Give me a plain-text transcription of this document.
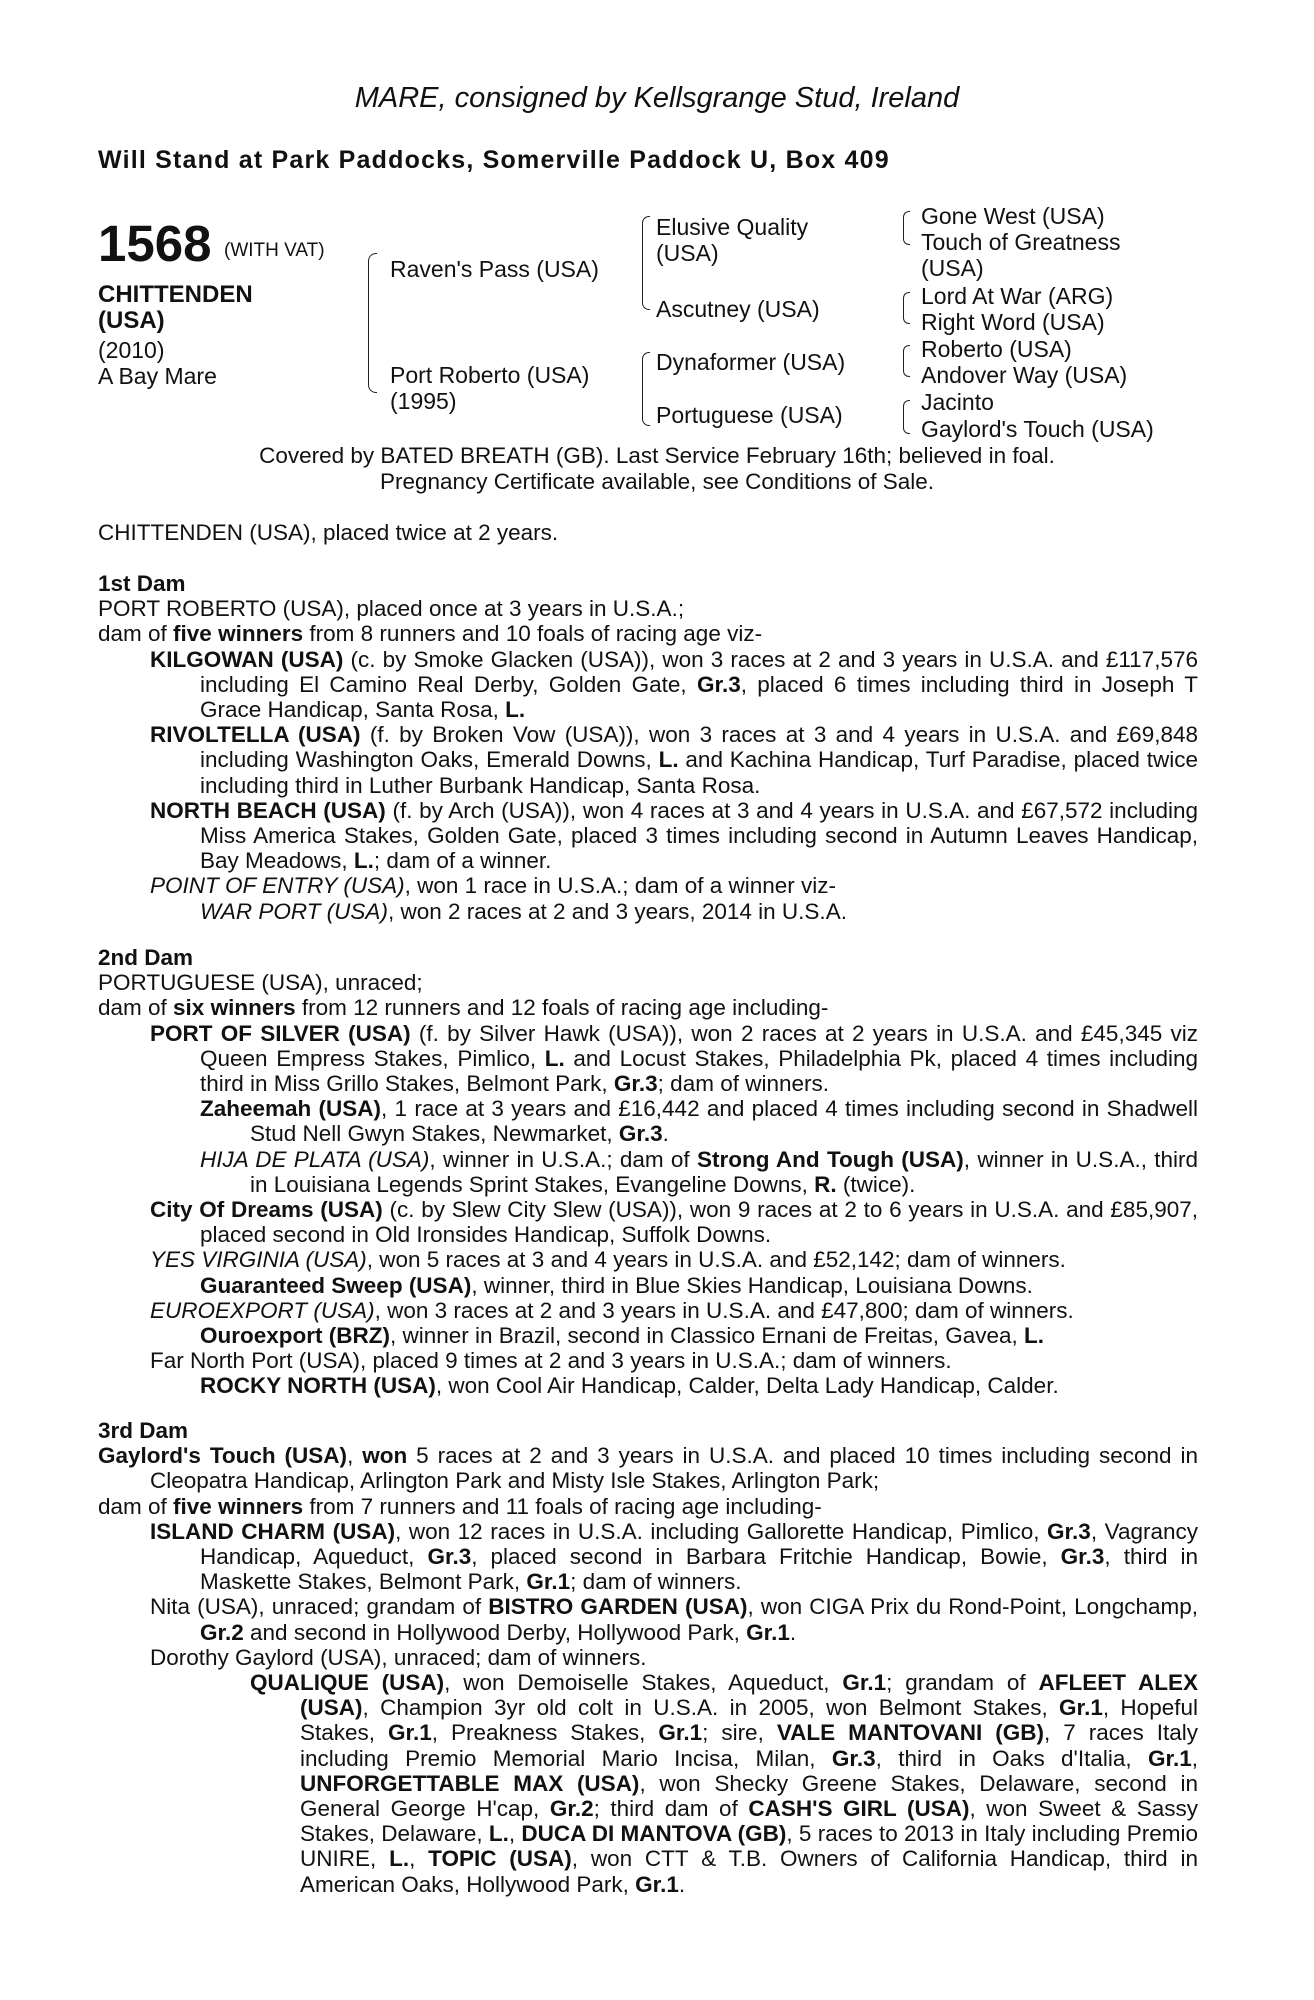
MARE, consigned by Kellsgrange Stud, Ireland
Will Stand at Park Paddocks, Somerville Paddock U, Box 409
1568 (WITH VAT)
CHITTENDEN
(USA)
(2010)
A Bay Mare
Raven's Pass (USA)
Port Roberto (USA)
(1995)
Elusive Quality
(USA)
Ascutney (USA)
Dynaformer (USA)
Portuguese (USA)
Gone West (USA)
Touch of Greatness
(USA)
Lord At War (ARG)
Right Word (USA)
Roberto (USA)
Andover Way (USA)
Jacinto
Gaylord's Touch (USA)
Covered by BATED BREATH (GB). Last Service February 16th; believed in foal.
Pregnancy Certificate available, see Conditions of Sale.
CHITTENDEN (USA), placed twice at 2 years.

1st Dam

PORT ROBERTO (USA), placed once at 3 years in U.S.A.;

dam of five winners from 8 runners and 10 foals of racing age viz-

KILGOWAN (USA) (c. by Smoke Glacken (USA)), won 3 races at 2 and 3 years in U.S.A. and £117,576 including El Camino Real Derby, Golden Gate, Gr.3, placed 6 times including third in Joseph T Grace Handicap, Santa Rosa, L.

RIVOLTELLA (USA) (f. by Broken Vow (USA)), won 3 races at 3 and 4 years in U.S.A. and £69,848 including Washington Oaks, Emerald Downs, L. and Kachina Handicap, Turf Paradise, placed twice including third in Luther Burbank Handicap, Santa Rosa.

NORTH BEACH (USA) (f. by Arch (USA)), won 4 races at 3 and 4 years in U.S.A. and £67,572 including Miss America Stakes, Golden Gate, placed 3 times including second in Autumn Leaves Handicap, Bay Meadows, L.; dam of a winner.

POINT OF ENTRY (USA), won 1 race in U.S.A.; dam of a winner viz-

WAR PORT (USA), won 2 races at 2 and 3 years, 2014 in U.S.A.

2nd Dam

PORTUGUESE (USA), unraced;

dam of six winners from 12 runners and 12 foals of racing age including-

PORT OF SILVER (USA) (f. by Silver Hawk (USA)), won 2 races at 2 years in U.S.A. and £45,345 viz Queen Empress Stakes, Pimlico, L. and Locust Stakes, Philadelphia Pk, placed 4 times including third in Miss Grillo Stakes, Belmont Park, Gr.3; dam of winners.

Zaheemah (USA), 1 race at 3 years and £16,442 and placed 4 times including second in Shadwell Stud Nell Gwyn Stakes, Newmarket, Gr.3.

HIJA DE PLATA (USA), winner in U.S.A.; dam of Strong And Tough (USA), winner in U.S.A., third in Louisiana Legends Sprint Stakes, Evangeline Downs, R. (twice).

City Of Dreams (USA) (c. by Slew City Slew (USA)), won 9 races at 2 to 6 years in U.S.A. and £85,907, placed second in Old Ironsides Handicap, Suffolk Downs.

YES VIRGINIA (USA), won 5 races at 3 and 4 years in U.S.A. and £52,142; dam of winners.

Guaranteed Sweep (USA), winner, third in Blue Skies Handicap, Louisiana Downs.

EUROEXPORT (USA), won 3 races at 2 and 3 years in U.S.A. and £47,800; dam of winners.

Ouroexport (BRZ), winner in Brazil, second in Classico Ernani de Freitas, Gavea, L.

Far North Port (USA), placed 9 times at 2 and 3 years in U.S.A.; dam of winners.

ROCKY NORTH (USA), won Cool Air Handicap, Calder, Delta Lady Handicap, Calder.

3rd Dam

Gaylord's Touch (USA), won 5 races at 2 and 3 years in U.S.A. and placed 10 times including second in Cleopatra Handicap, Arlington Park and Misty Isle Stakes, Arlington Park;

dam of five winners from 7 runners and 11 foals of racing age including-

ISLAND CHARM (USA), won 12 races in U.S.A. including Gallorette Handicap, Pimlico, Gr.3, Vagrancy Handicap, Aqueduct, Gr.3, placed second in Barbara Fritchie Handicap, Bowie, Gr.3, third in Maskette Stakes, Belmont Park, Gr.1; dam of winners.

Nita (USA), unraced; grandam of BISTRO GARDEN (USA), won CIGA Prix du Rond-Point, Longchamp, Gr.2 and second in Hollywood Derby, Hollywood Park, Gr.1.

Dorothy Gaylord (USA), unraced; dam of winners.

QUALIQUE (USA), won Demoiselle Stakes, Aqueduct, Gr.1; grandam of AFLEET ALEX (USA), Champion 3yr old colt in U.S.A. in 2005, won Belmont Stakes, Gr.1, Hopeful Stakes, Gr.1, Preakness Stakes, Gr.1; sire, VALE MANTOVANI (GB), 7 races Italy including Premio Memorial Mario Incisa, Milan, Gr.3, third in Oaks d'Italia, Gr.1, UNFORGETTABLE MAX (USA), won Shecky Greene Stakes, Delaware, second in General George H'cap, Gr.2; third dam of CASH'S GIRL (USA), won Sweet & Sassy Stakes, Delaware, L., DUCA DI MANTOVA (GB), 5 races to 2013 in Italy including Premio UNIRE, L., TOPIC (USA), won CTT & T.B. Owners of California Handicap, third in American Oaks, Hollywood Park, Gr.1.
